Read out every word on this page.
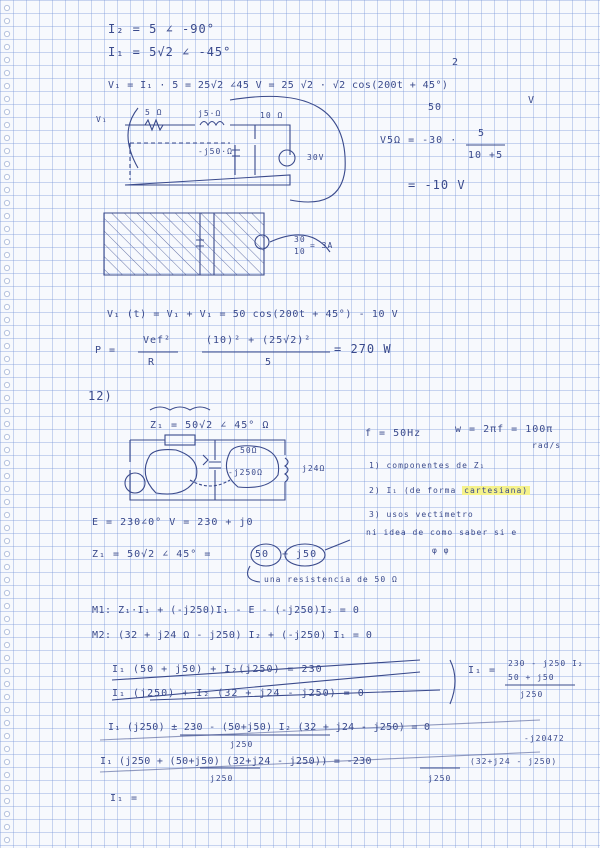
I₂ = 5 ∠ -90°
I₁ = 5√2 ∠ -45°
2
V₁ = I₁ · 5 = 25√2 ∠45 V = 25 √2 · √2 cos(200t + 45°)
50
V
5 Ω	j5·Ω	10 Ω
-j50·Ω
30V
V₁
V5Ω = -30 ·
5
10 +5
= -10 V
30
10
= 3A
V₁ (t) = V₁ + V₁ = 50 cos(200t + 45°) - 10 V
P =
Vef²
R
(10)² + (25√2)²
5
= 270 W
12)
Z₁ = 50√2 ∠ 45° Ω
50Ω
-j250Ω	j24Ω
f = 50Hz	w = 2πf = 100π
rad/s
1) componentes de Z₁
2) I₁ (de forma cartesiana)
3) usos vectimetro
ni idea de como saber si e
φ φ
E = 230∠0° V = 230 + j0
Z₁ = 50√2 ∠ 45° =	50 + j50
una resistencia de 50 Ω
M1: Z₁·I₁ + (-j250)I₁ - E - (-j250)I₂ = 0
M2: (32 + j24 Ω - j250) I₂ + (-j250) I₁ = 0
I₁ (50 + j50) + I₂(j250) = 230
I₁ (j250) + I₂ (32 + j24 - j250) = 0
I₁ =
230 - j250 I₂
50 + j50
j250
I₁ (j250) ± 230 - (50+j50) I₂ (32 + j24 - j250) = 0
j250
-j20472
I₁ (j250 + (50+j50) (32+j24 - j250)) = -230
j250	j250
(32+j24 - j250)
I₁ =
